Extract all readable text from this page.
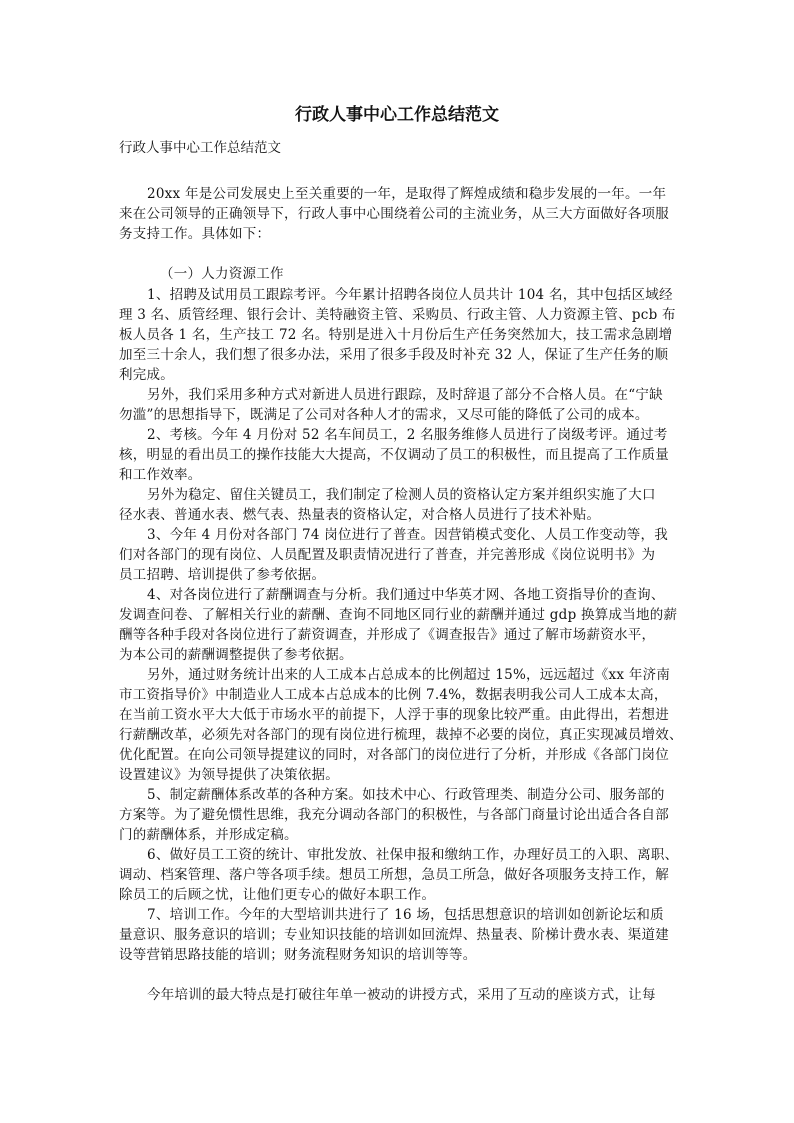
行政人事中心工作总结范文
行政人事中心工作总结范文
20xx 年是公司发展史上至关重要的一年，是取得了辉煌成绩和稳步发展的一年。一年
来在公司领导的正确领导下，行政人事中心围绕着公司的主流业务，从三大方面做好各项服
务支持工作。具体如下：
（一）人力资源工作
1、招聘及试用员工跟踪考评。今年累计招聘各岗位人员共计 104 名，其中包括区域经
理 3 名、质管经理、银行会计、美特融资主管、采购员、行政主管、人力资源主管、pcb 布
板人员各 1 名，生产技工 72 名。特别是进入十月份后生产任务突然加大，技工需求急剧增
加至三十余人，我们想了很多办法，采用了很多手段及时补充 32 人，保证了生产任务的顺
利完成。
另外，我们采用多种方式对新进人员进行跟踪，及时辞退了部分不合格人员。在“宁缺
勿滥”的思想指导下，既满足了公司对各种人才的需求，又尽可能的降低了公司的成本。
2、考核。今年 4 月份对 52 名车间员工，2 名服务维修人员进行了岗级考评。通过考
核，明显的看出员工的操作技能大大提高，不仅调动了员工的积极性，而且提高了工作质量
和工作效率。
另外为稳定、留住关键员工，我们制定了检测人员的资格认定方案并组织实施了大口
径水表、普通水表、燃气表、热量表的资格认定，对合格人员进行了技术补贴。
3、今年 4 月份对各部门 74 岗位进行了普查。因营销模式变化、人员工作变动等，我
们对各部门的现有岗位、人员配置及职责情况进行了普查，并完善形成《岗位说明书》为
员工招聘、培训提供了参考依据。
4、对各岗位进行了薪酬调查与分析。我们通过中华英才网、各地工资指导价的查询、
发调查问卷、了解相关行业的薪酬、查询不同地区同行业的薪酬并通过 gdp 换算成当地的薪
酬等各种手段对各岗位进行了薪资调查，并形成了《调查报告》通过了解市场薪资水平，
为本公司的薪酬调整提供了参考依据。
另外，通过财务统计出来的人工成本占总成本的比例超过 15%，远远超过《xx 年济南
市工资指导价》中制造业人工成本占总成本的比例 7.4%，数据表明我公司人工成本太高，
在当前工资水平大大低于市场水平的前提下，人浮于事的现象比较严重。由此得出，若想进
行薪酬改革，必须先对各部门的现有岗位进行梳理，裁掉不必要的岗位，真正实现减员增效、
优化配置。在向公司领导提建议的同时，对各部门的岗位进行了分析，并形成《各部门岗位
设置建议》为领导提供了决策依据。
5、制定薪酬体系改革的各种方案。如技术中心、行政管理类、制造分公司、服务部的
方案等。为了避免惯性思维，我充分调动各部门的积极性，与各部门商量讨论出适合各自部
门的薪酬体系，并形成定稿。
6、做好员工工资的统计、审批发放、社保申报和缴纳工作，办理好员工的入职、离职、
调动、档案管理、落户等各项手续。想员工所想，急员工所急，做好各项服务支持工作，解
除员工的后顾之忧，让他们更专心的做好本职工作。
7、培训工作。今年的大型培训共进行了 16 场，包括思想意识的培训如创新论坛和质
量意识、服务意识的培训；专业知识技能的培训如回流焊、热量表、阶梯计费水表、渠道建
设等营销思路技能的培训；财务流程财务知识的培训等等。
今年培训的最大特点是打破往年单一被动的讲授方式，采用了互动的座谈方式，让每
